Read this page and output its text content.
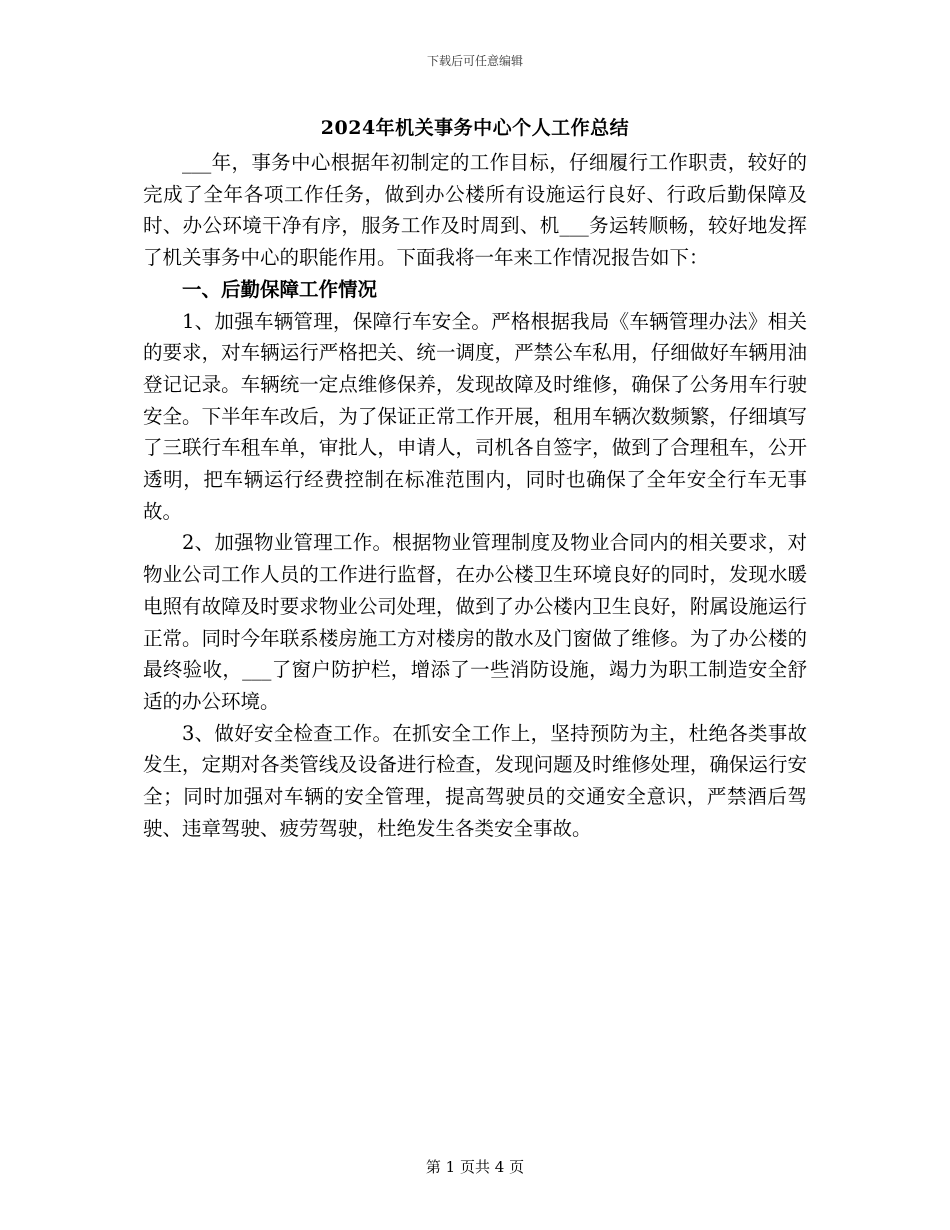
下载后可任意编辑
2024年机关事务中心个人工作总结

___年，事务中心根据年初制定的工作目标，仔细履行工作职责，较好的完成了全年各项工作任务，做到办公楼所有设施运行良好、行政后勤保障及时、办公环境干净有序，服务工作及时周到、机___务运转顺畅，较好地发挥了机关事务中心的职能作用。下面我将一年来工作情况报告如下：

一、后勤保障工作情况

1、加强车辆管理，保障行车安全。严格根据我局《车辆管理办法》相关的要求，对车辆运行严格把关、统一调度，严禁公车私用，仔细做好车辆用油登记记录。车辆统一定点维修保养，发现故障及时维修，确保了公务用车行驶安全。下半年车改后，为了保证正常工作开展，租用车辆次数频繁，仔细填写了三联行车租车单，审批人，申请人，司机各自签字，做到了合理租车，公开透明，把车辆运行经费控制在标准范围内，同时也确保了全年安全行车无事故。

2、加强物业管理工作。根据物业管理制度及物业合同内的相关要求，对物业公司工作人员的工作进行监督，在办公楼卫生环境良好的同时，发现水暖电照有故障及时要求物业公司处理，做到了办公楼内卫生良好，附属设施运行正常。同时今年联系楼房施工方对楼房的散水及门窗做了维修。为了办公楼的最终验收，___了窗户防护栏，增添了一些消防设施，竭力为职工制造安全舒适的办公环境。

3、做好安全检查工作。在抓安全工作上，坚持预防为主，杜绝各类事故发生，定期对各类管线及设备进行检查，发现问题及时维修处理，确保运行安全；同时加强对车辆的安全管理，提高驾驶员的交通安全意识，严禁酒后驾驶、违章驾驶、疲劳驾驶，杜绝发生各类安全事故。

第 1 页共 4 页
